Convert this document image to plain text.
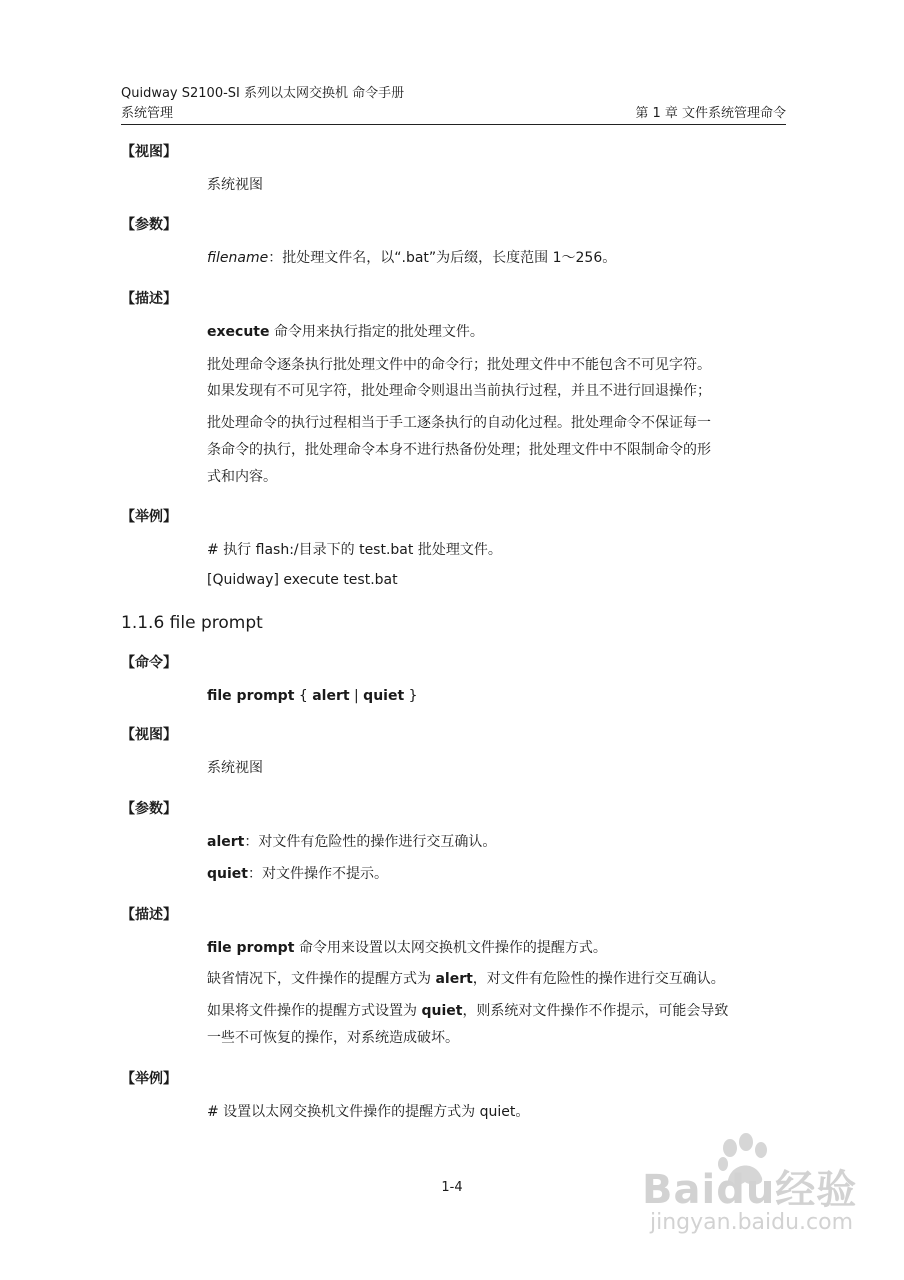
Quidway S2100-SI 系列以太网交换机 命令手册
系统管理	第 1 章 文件系统管理命令
【视图】
系统视图
【参数】
filename：批处理文件名，以“.bat”为后缀，长度范围 1～256。
【描述】
execute 命令用来执行指定的批处理文件。
批处理命令逐条执行批处理文件中的命令行；批处理文件中不能包含不可见字符。
如果发现有不可见字符，批处理命令则退出当前执行过程，并且不进行回退操作；
批处理命令的执行过程相当于手工逐条执行的自动化过程。批处理命令不保证每一
条命令的执行，批处理命令本身不进行热备份处理；批处理文件中不限制命令的形
式和内容。
【举例】
# 执行 flash:/目录下的 test.bat 批处理文件。
[Quidway] execute test.bat
1.1.6 file prompt
【命令】
file prompt { alert | quiet }
【视图】
系统视图
【参数】
alert：对文件有危险性的操作进行交互确认。
quiet：对文件操作不提示。
【描述】
file prompt 命令用来设置以太网交换机文件操作的提醒方式。
缺省情况下，文件操作的提醒方式为 alert，对文件有危险性的操作进行交互确认。
如果将文件操作的提醒方式设置为 quiet，则系统对文件操作不作提示，可能会导致
一些不可恢复的操作，对系统造成破坏。
【举例】
# 设置以太网交换机文件操作的提醒方式为 quiet。
1-4	Baidu经验
jingyan.baidu.com
